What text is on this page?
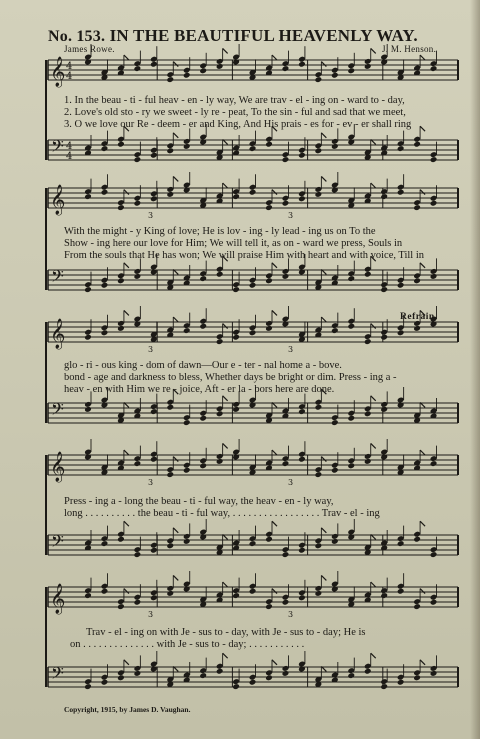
No. 153. IN THE BEAUTIFUL HEAVENLY WAY.
James Rowe.	J. M. Henson.
𝄞 4
4
𝄢 4
4
𝄞
3	3
𝄢
𝄞
3	3
𝄢
𝄞
3	3
𝄢
𝄞
3	3
𝄢
1. In the beau - ti - ful heav - en - ly way, We are trav - el - ing on - ward to - day,
2. Love's old sto - ry we sweet - ly re - peat, To the sin - ful and sad that we meet,
3. O we love our Re - deem - er and King, And His prais - es for - ev - er shall ring
With the might - y King of love; He is lov - ing - ly lead - ing us on To the
Show - ing here our love for Him; We will tell it, as on - ward we press, Souls in
From the souls that He has won; We will praise Him with heart and with voice, Till in
Refrain.
glo - ri - ous king - dom of dawn—Our e - ter - nal home a - bove.
bond - age and darkness to bless, Whether days be bright or dim. Press - ing a -
heav - en with Him we re - joice, Aft - er la - bors here are done.
Press - ing a - long the beau - ti - ful way, the heav - en - ly way,
long . . . . . . . . . . the beau - ti - ful way, . . . . . . . . . . . . . . . . . Trav - el - ing
Trav - el - ing on with Je - sus to - day, with Je - sus to - day; He is
on . . . . . . . . . . . . . . with Je - sus to - day; . . . . . . . . . . .
Copyright, 1915, by James D. Vaughan.
